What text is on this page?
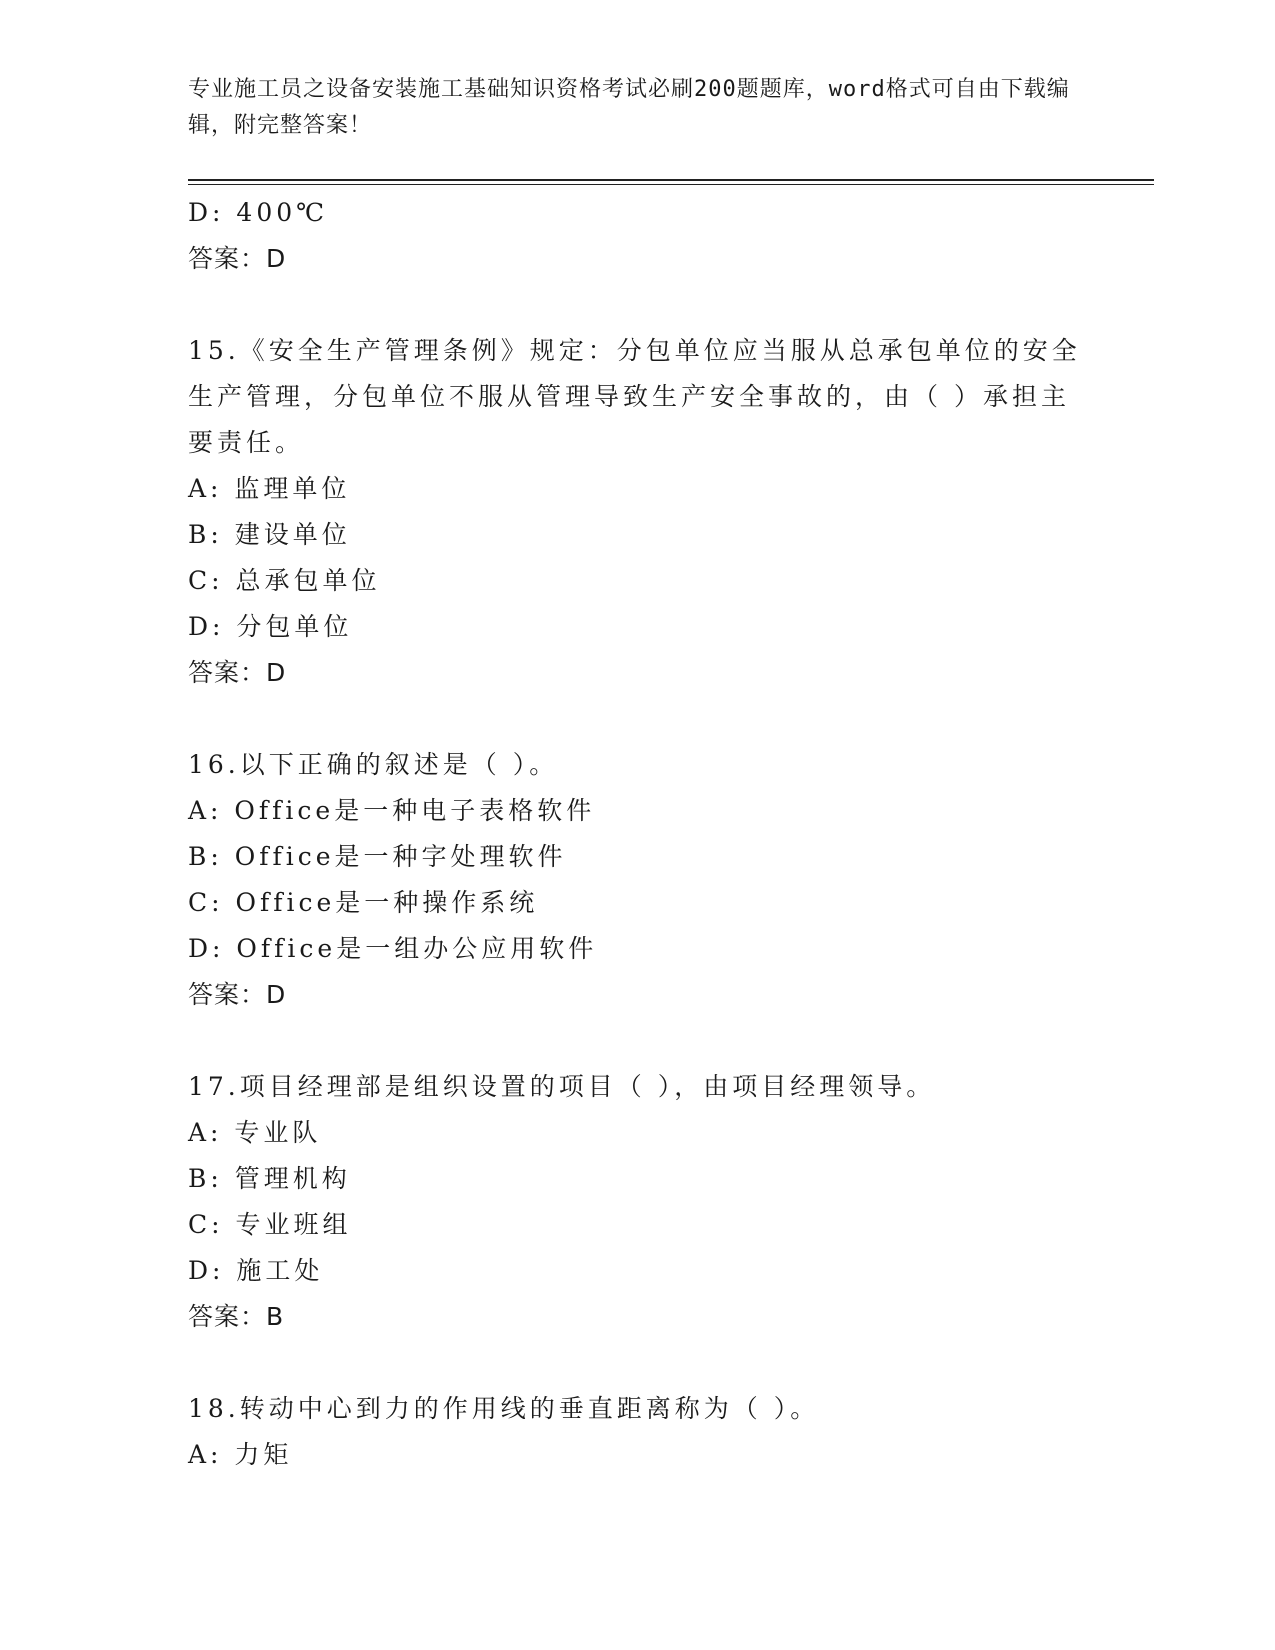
专业施工员之设备安装施工基础知识资格考试必刷200题题库，word格式可自由下载编辑，附完整答案！
D: 400℃
答案：D
15.《安全生产管理条例》规定：分包单位应当服从总承包单位的安全生产管理，分包单位不服从管理导致生产安全事故的，由（ ）承担主要责任。
A: 监理单位
B: 建设单位
C: 总承包单位
D: 分包单位
答案：D
16.以下正确的叙述是（ ）。
A: Office是一种电子表格软件
B: Office是一种字处理软件
C: Office是一种操作系统
D: Office是一组办公应用软件
答案：D
17.项目经理部是组织设置的项目（ ），由项目经理领导。
A: 专业队
B: 管理机构
C: 专业班组
D: 施工处
答案：B
18.转动中心到力的作用线的垂直距离称为（ ）。
A: 力矩
